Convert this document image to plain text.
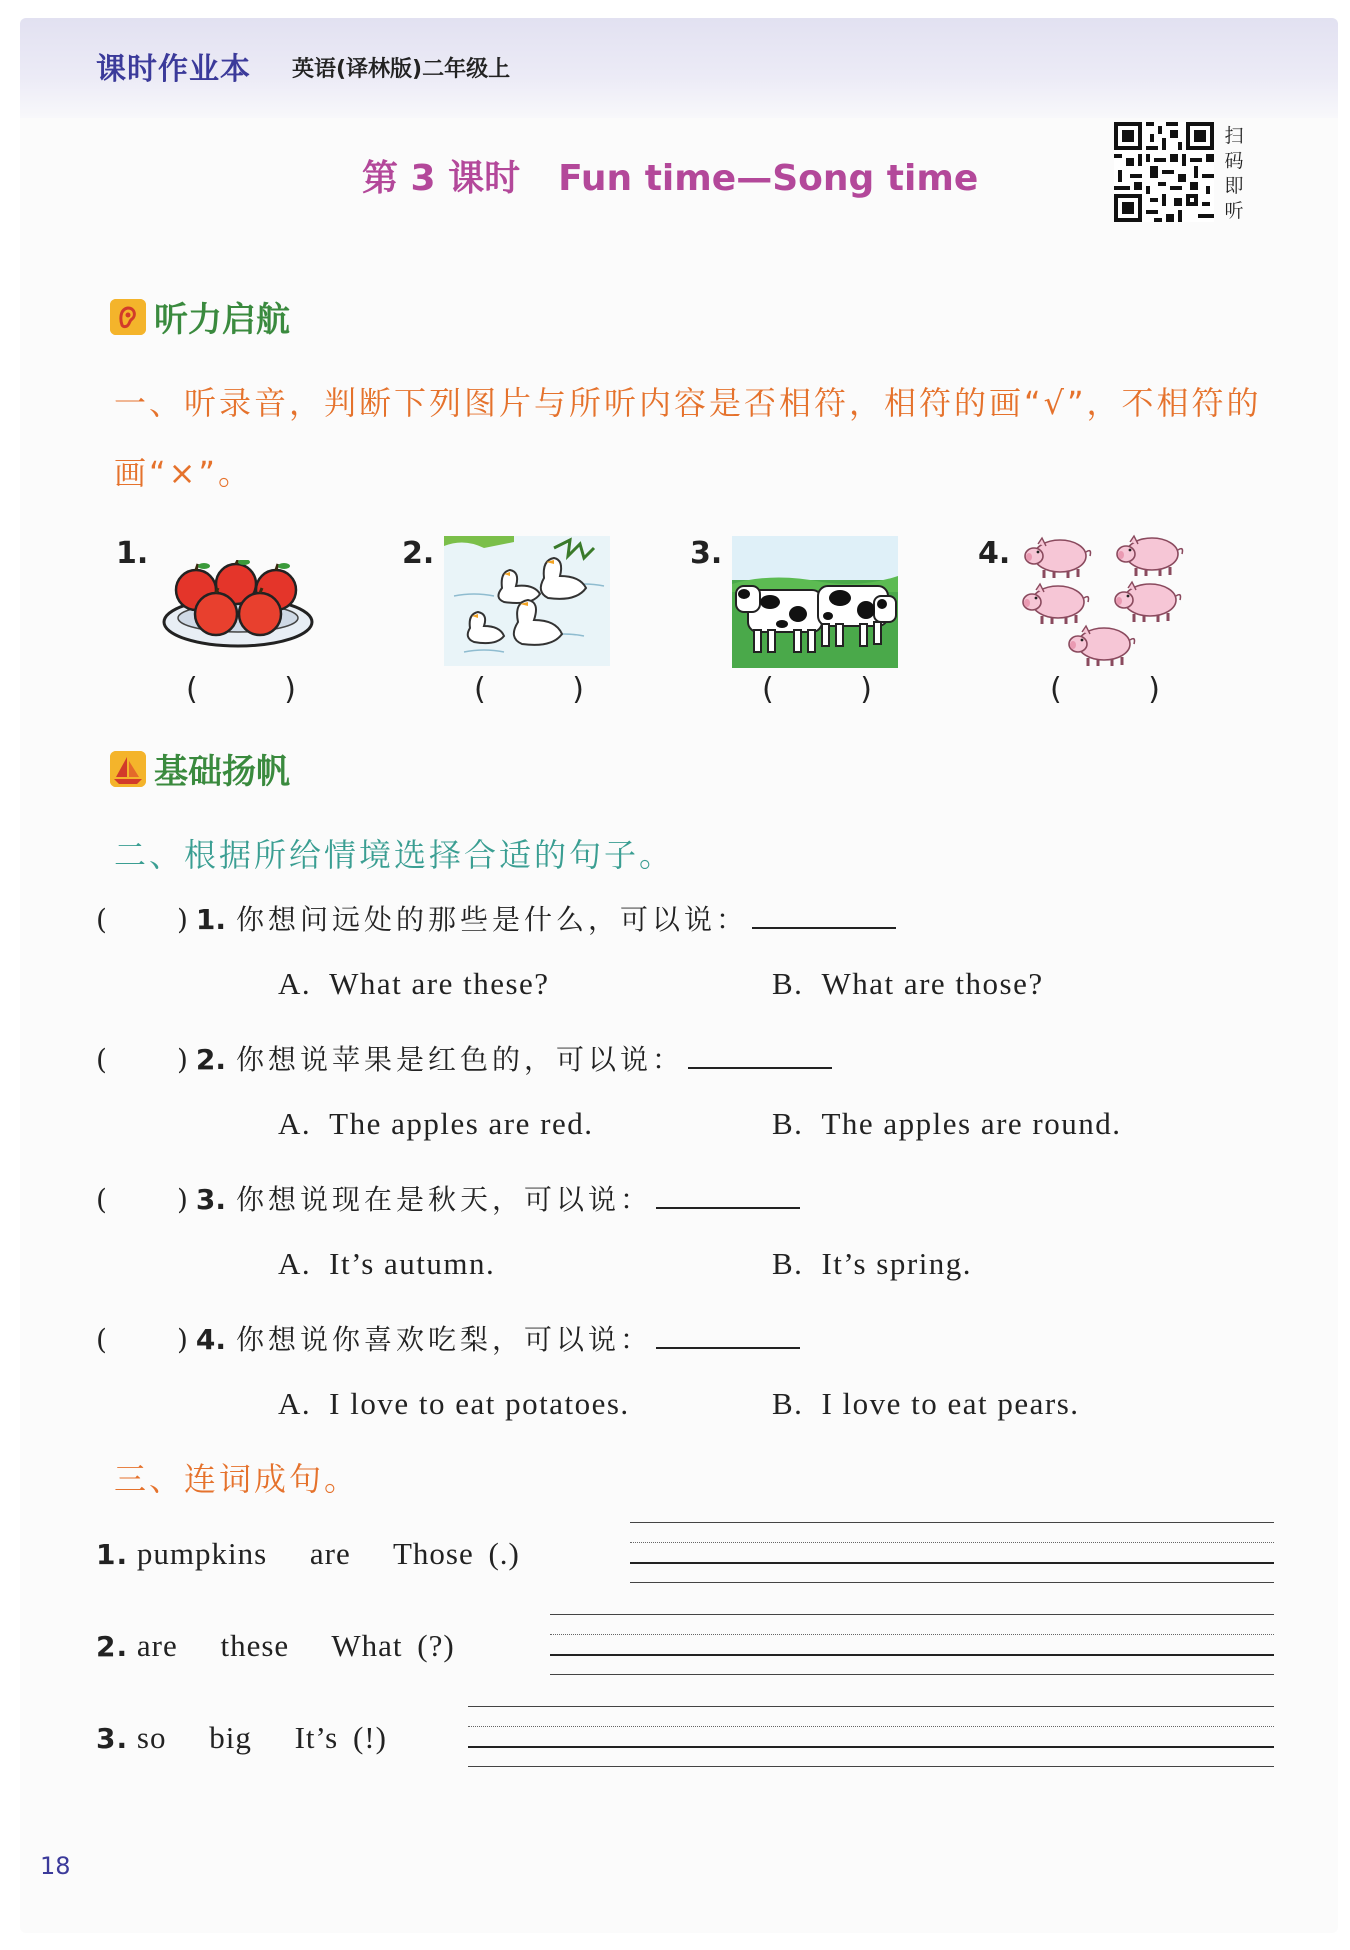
课时作业本 英语(译林版)二年级上
第 3 课时 Fun time—Song time
扫
码
即
听
听力启航
一、听录音，判断下列图片与所听内容是否相符，相符的画“√”，不相符的
画“×”。
1.
(	)
2.
(	)
3.
(	)
4.
(	)
基础扬帆
二、根据所给情境选择合适的句子。
(	) 1. 你想问远处的那些是什么，可以说：
A. What are these?	B. What are those?
(	) 2. 你想说苹果是红色的，可以说：
A. The apples are red.	B. The apples are round.
(	) 3. 你想说现在是秋天，可以说：
A. It’s autumn.	B. It’s spring.
(	) 4. 你想说你喜欢吃梨，可以说：
A. I love to eat potatoes.	B. I love to eat pears.
三、连词成句。
1. pumpkins are Those (.)
2. are these What (?)
3. so big It’s (!)
18
